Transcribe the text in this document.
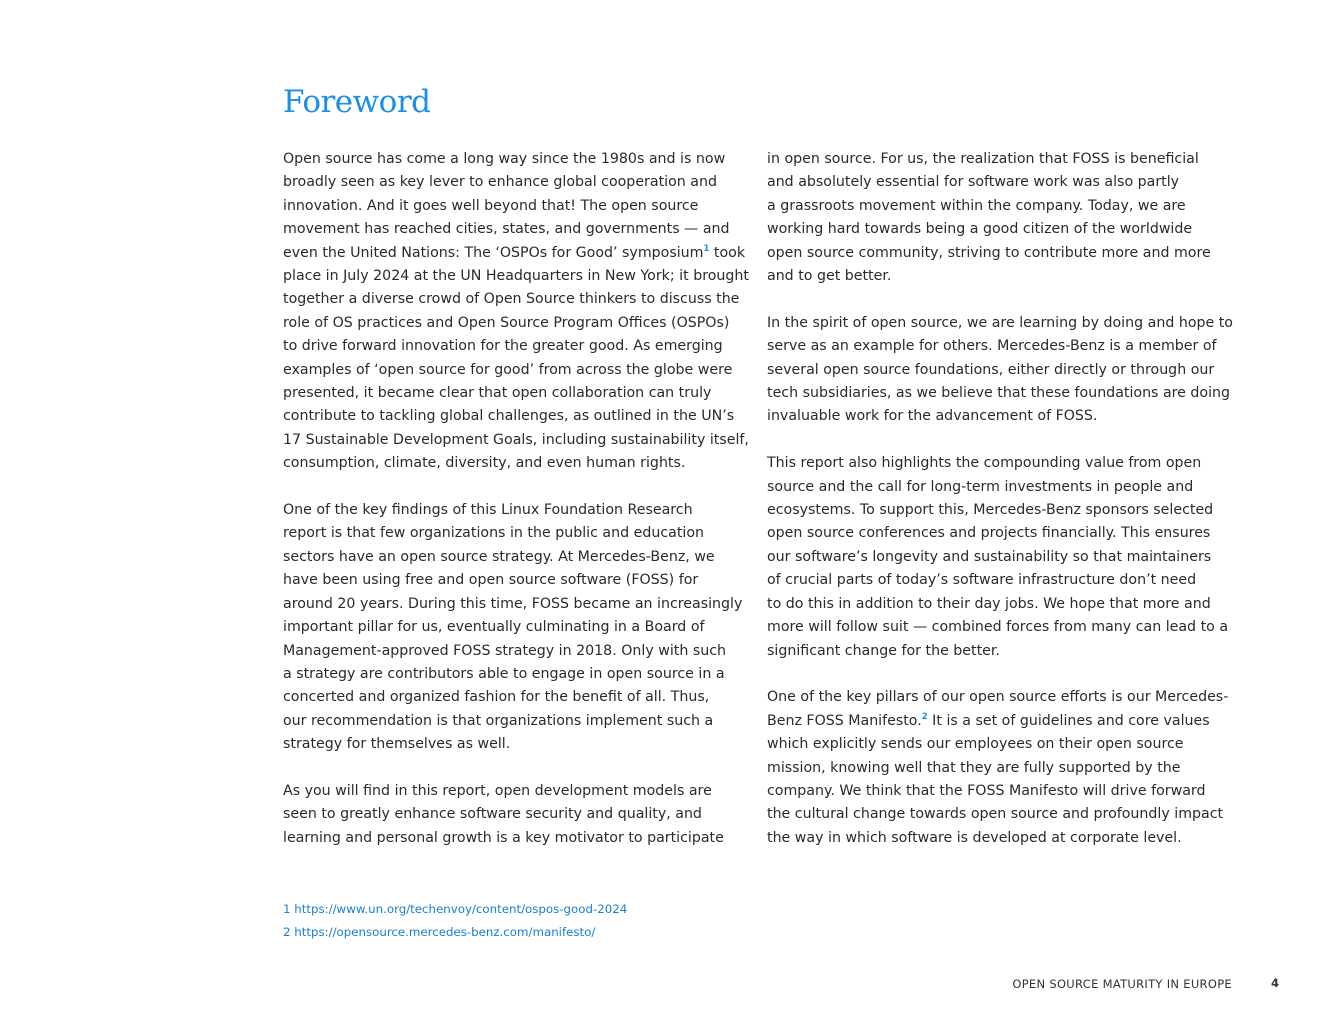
Foreword

Open source has come a long way since the 1980s and is now
broadly seen as key lever to enhance global cooperation and
innovation. And it goes well beyond that! The open source
movement has reached cities, states, and governments — and
even the United Nations: The ‘OSPOs for Good’ symposium$^1$ took
place in July 2024 at the UN Headquarters in New York; it brought
together a diverse crowd of Open Source thinkers to discuss the
role of OS practices and Open Source Program Offices (OSPOs)
to drive forward innovation for the greater good. As emerging
examples of ‘open source for good’ from across the globe were
presented, it became clear that open collaboration can truly
contribute to tackling global challenges, as outlined in the UN’s
17 Sustainable Development Goals, including sustainability itself,
consumption, climate, diversity, and even human rights.

One of the key findings of this Linux Foundation Research
report is that few organizations in the public and education
sectors have an open source strategy. At Mercedes-Benz, we
have been using free and open source software (FOSS) for
around 20 years. During this time, FOSS became an increasingly
important pillar for us, eventually culminating in a Board of
Management-approved FOSS strategy in 2018. Only with such
a strategy are contributors able to engage in open source in a
concerted and organized fashion for the benefit of all. Thus,
our recommendation is that organizations implement such a
strategy for themselves as well.

As you will find in this report, open development models are
seen to greatly enhance software security and quality, and
learning and personal growth is a key motivator to participate

in open source. For us, the realization that FOSS is beneficial
and absolutely essential for software work was also partly
a grassroots movement within the company. Today, we are
working hard towards being a good citizen of the worldwide
open source community, striving to contribute more and more
and to get better.

In the spirit of open source, we are learning by doing and hope to
serve as an example for others. Mercedes-Benz is a member of
several open source foundations, either directly or through our
tech subsidiaries, as we believe that these foundations are doing
invaluable work for the advancement of FOSS.

This report also highlights the compounding value from open
source and the call for long-term investments in people and
ecosystems. To support this, Mercedes-Benz sponsors selected
open source conferences and projects financially. This ensures
our software’s longevity and sustainability so that maintainers
of crucial parts of today’s software infrastructure don’t need
to do this in addition to their day jobs. We hope that more and
more will follow suit — combined forces from many can lead to a
significant change for the better.

One of the key pillars of our open source efforts is our Mercedes-
Benz FOSS Manifesto.$^2$ It is a set of guidelines and core values
which explicitly sends our employees on their open source
mission, knowing well that they are fully supported by the
company. We think that the FOSS Manifesto will drive forward
the cultural change towards open source and profoundly impact
the way in which software is developed at corporate level.

1 https://www.un.org/techenvoy/content/ospos-good-2024
2 https://opensource.mercedes-benz.com/manifesto/
OPEN SOURCE MATURITY IN EUROPE	4
